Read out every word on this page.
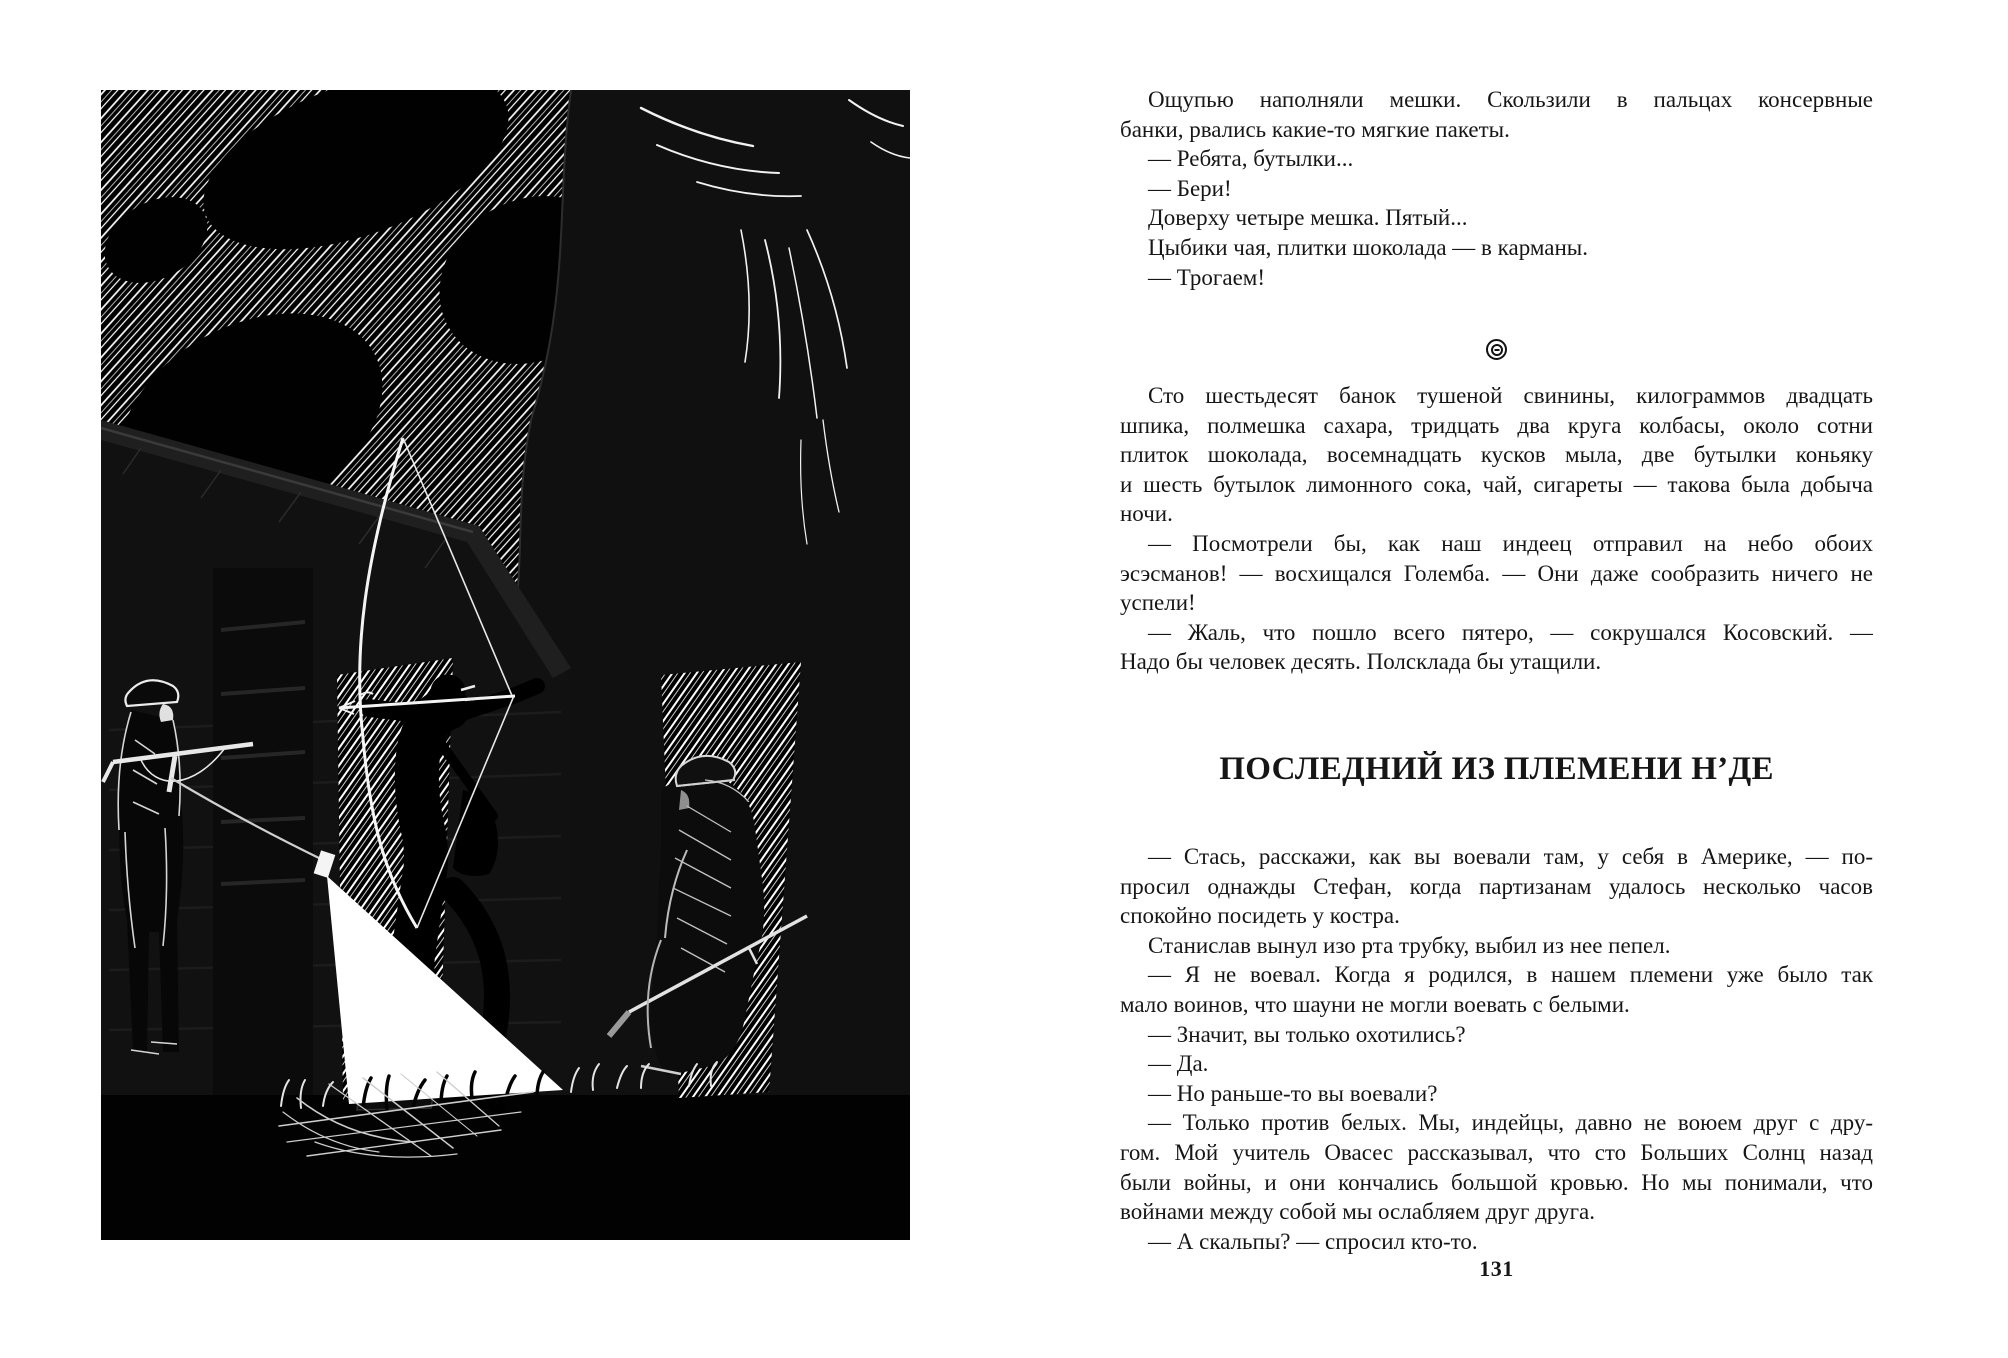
Ощупью наполняли мешки. Скользили в пальцах консервные
банки, рвались какие-то мягкие пакеты.
— Ребята, бутылки...
— Бери!
Доверху четыре мешка. Пятый...
Цыбики чая, плитки шоколада — в карманы.
— Трогаем!
Сто шестьдесят банок тушеной свинины, килограммов двадцать
шпика, полмешка сахара, тридцать два круга колбасы, около сотни
плиток шоколада, восемнадцать кусков мыла, две бутылки коньяку
и шесть бутылок лимонного сока, чай, сигареты — такова была добыча
ночи.
— Посмотрели бы, как наш индеец отправил на небо обоих
эсэсманов! — восхищался Големба. — Они даже сообразить ничего не
успели!
— Жаль, что пошло всего пятеро, — сокрушался Косовский. —
Надо бы человек десять. Полсклада бы утащили.
ПОСЛЕДНИЙ ИЗ ПЛЕМЕНИ Н’ДЕ
— Стась, расскажи, как вы воевали там, у себя в Америке, — по-
просил однажды Стефан, когда партизанам удалось несколько часов
спокойно посидеть у костра.
Станислав вынул изо рта трубку, выбил из нее пепел.
— Я не воевал. Когда я родился, в нашем племени уже было так
мало воинов, что шауни не могли воевать с белыми.
— Значит, вы только охотились?
— Да.
— Но раньше-то вы воевали?
— Только против белых. Мы, индейцы, давно не воюем друг с дру-
гом. Мой учитель Овасес рассказывал, что сто Больших Солнц назад
были войны, и они кончались большой кровью. Но мы понимали, что
войнами между собой мы ослабляем друг друга.
— А скальпы? — спросил кто-то.
131
